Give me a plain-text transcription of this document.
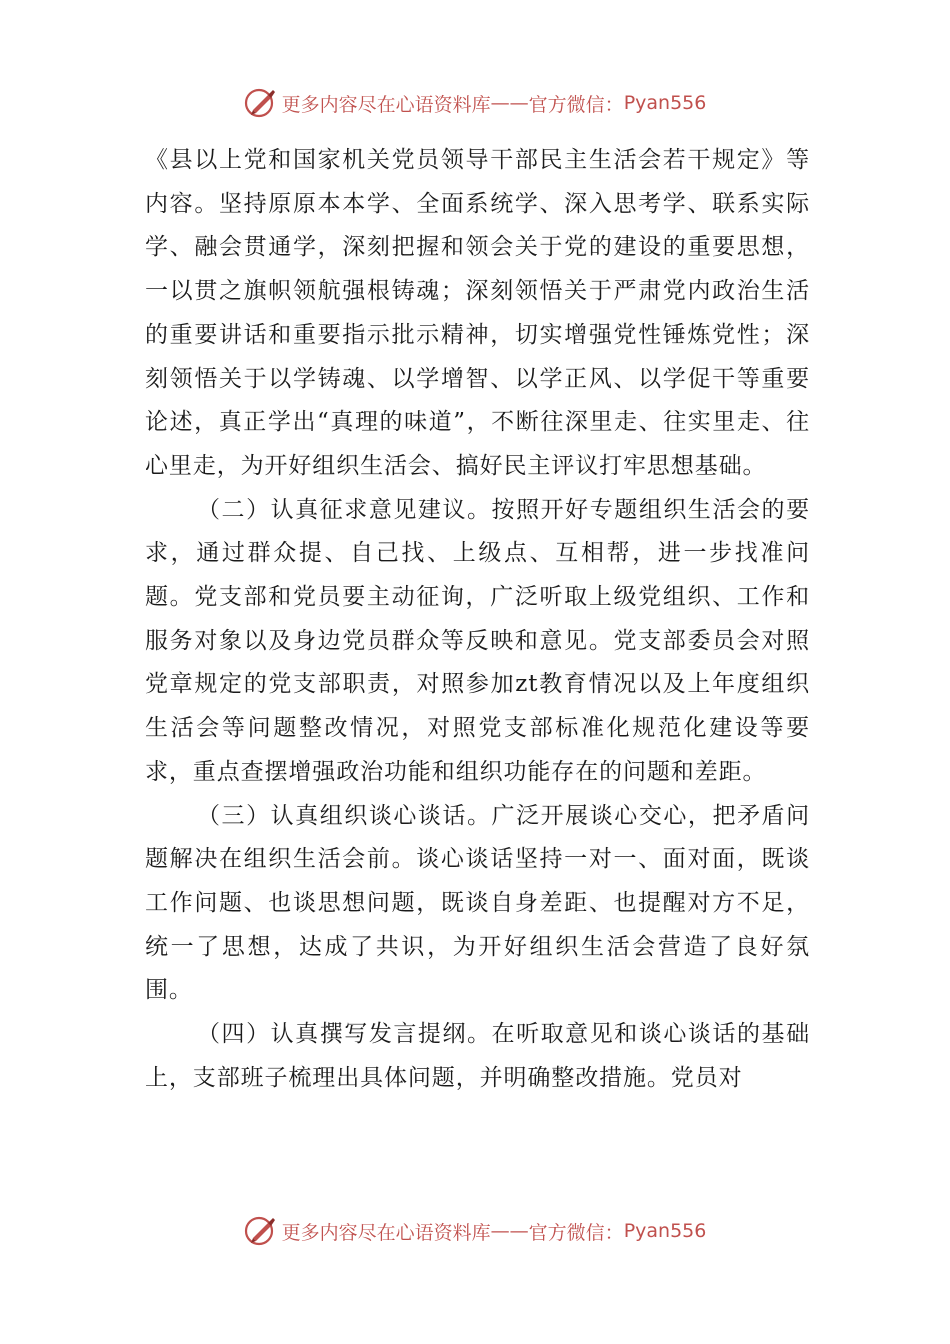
更多内容尽在心语资料库 —— 官方微信： Pyan556

《县以上党和国家机关党员领导干部民主生活会若干规定》等内容。坚持原原本本学、全面系统学、深入思考学、联系实际学、融会贯通学，深刻把握和领会关于党的建设的重要思想，一以贯之旗帜领航强根铸魂；深刻领悟关于严肃党内政治生活的重要讲话和重要指示批示精神，切实增强党性锤炼党性；深刻领悟关于以学铸魂、以学增智、以学正风、以学促干等重要论述，真正学出“真理的味道”，不断往深里走、往实里走、往心里走，为开好组织生活会、搞好民主评议打牢思想基础。

（二）认真征求意见建议。按照开好专题组织生活会的要求，通过群众提、自己找、上级点、互相帮，进一步找准问题。党支部和党员要主动征询，广泛听取上级党组织、工作和服务对象以及身边党员群众等反映和意见。党支部委员会对照党章规定的党支部职责，对照参加zt教育情况以及上年度组织生活会等问题整改情况，对照党支部标准化规范化建设等要求，重点查摆增强政治功能和组织功能存在的问题和差距。

（三）认真组织谈心谈话。广泛开展谈心交心，把矛盾问题解决在组织生活会前。谈心谈话坚持一对一、面对面，既谈工作问题、也谈思想问题，既谈自身差距、也提醒对方不足，统一了思想，达成了共识，为开好组织生活会营造了良好氛围。

（四）认真撰写发言提纲。在听取意见和谈心谈话的基础上，支部班子梳理出具体问题，并明确整改措施。党员对

更多内容尽在心语资料库 —— 官方微信： Pyan556
